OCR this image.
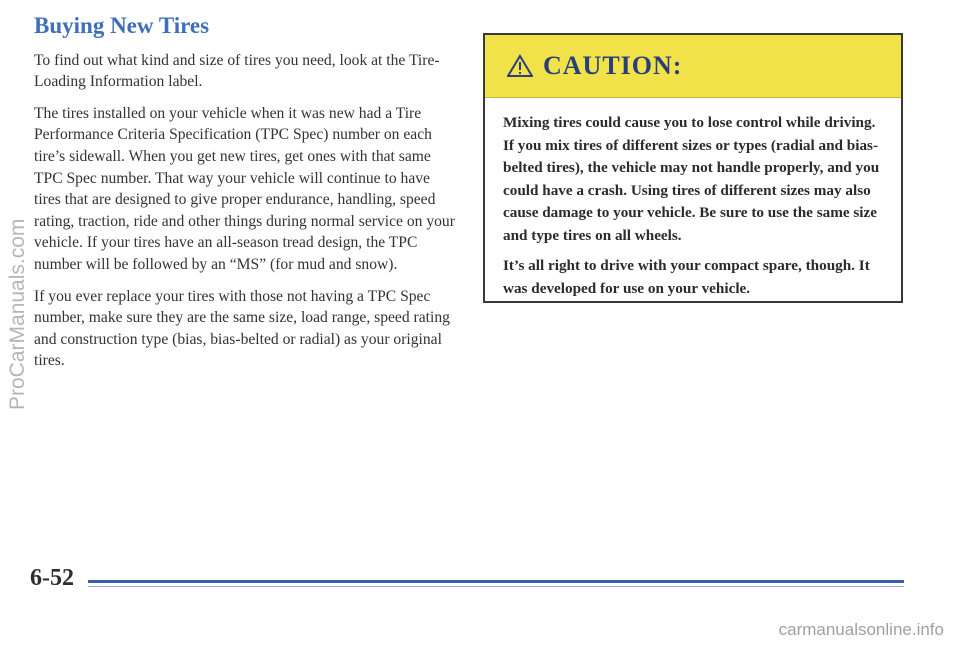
Buying New Tires

To find out what kind and size of tires you need, look at the Tire-Loading Information label.

The tires installed on your vehicle when it was new had a Tire Performance Criteria Specification (TPC Spec) number on each tire’s sidewall. When you get new tires, get ones with that same TPC Spec number. That way your vehicle will continue to have tires that are designed to give proper endurance, handling, speed rating, traction, ride and other things during normal service on your vehicle. If your tires have an all-season tread design, the TPC number will be followed by an “MS” (for mud and snow).

If you ever replace your tires with those not having a TPC Spec number, make sure they are the same size, load range, speed rating and construction type (bias, bias-belted or radial) as your original tires.

CAUTION:

Mixing tires could cause you to lose control while driving. If you mix tires of different sizes or types (radial and bias-belted tires), the vehicle may not handle properly, and you could have a crash. Using tires of different sizes may also cause damage to your vehicle. Be sure to use the same size and type tires on all wheels.

It’s all right to drive with your compact spare, though. It was developed for use on your vehicle.

6-52
ProCarManuals.com
carmanualsonline.info
